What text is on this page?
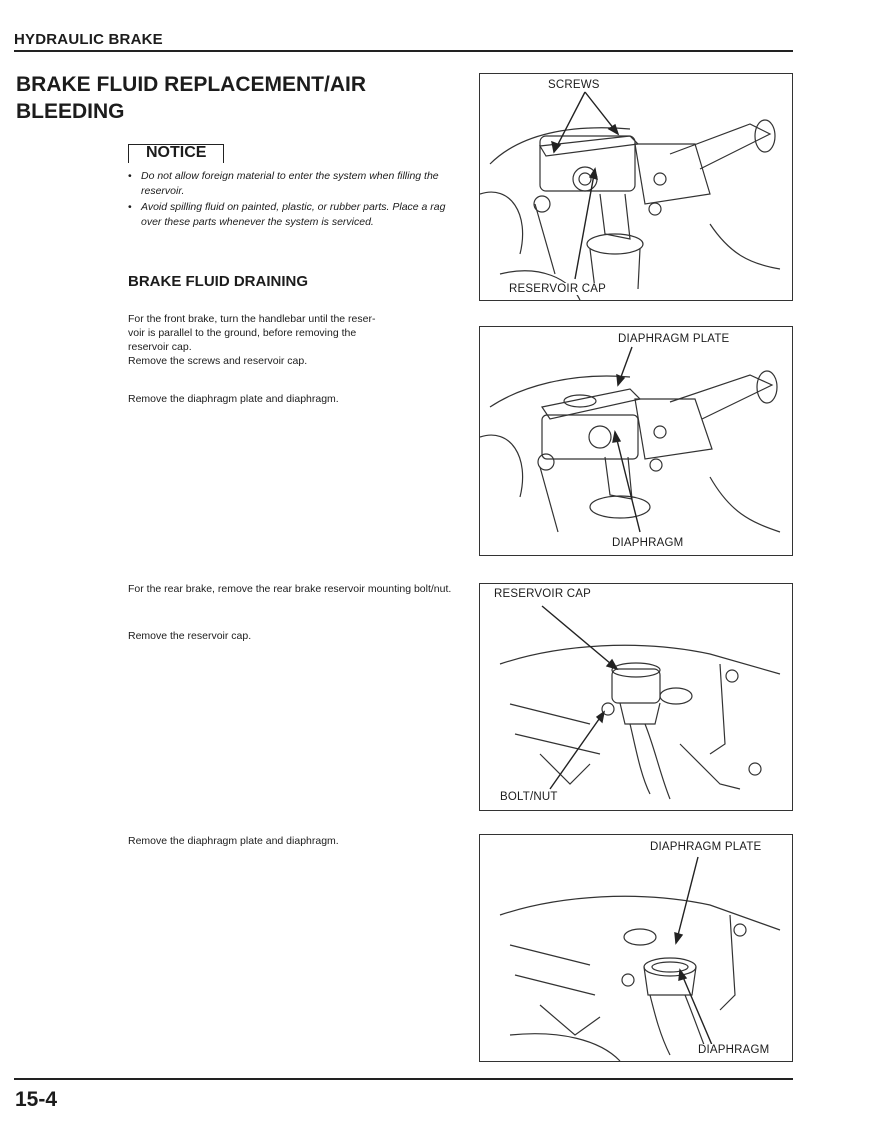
HYDRAULIC BRAKE
BRAKE FLUID REPLACEMENT/AIR
BLEEDING
NOTICE
• Do not allow foreign material to enter the system when filling the reservoir.
• Avoid spilling fluid on painted, plastic, or rubber parts. Place a rag over these parts whenever the system is serviced.
BRAKE FLUID DRAINING
For the front brake, turn the handlebar until the reser-
voir is parallel to the ground, before removing the
reservoir cap.
Remove the screws and reservoir cap.
Remove the diaphragm plate and diaphragm.
For the rear brake, remove the rear brake reservoir mounting bolt/nut.
Remove the reservoir cap.
Remove the diaphragm plate and diaphragm.
SCREWS
RESERVOIR CAP
DIAPHRAGM PLATE
DIAPHRAGM
RESERVOIR CAP
BOLT/NUT
DIAPHRAGM PLATE
DIAPHRAGM
15-4
